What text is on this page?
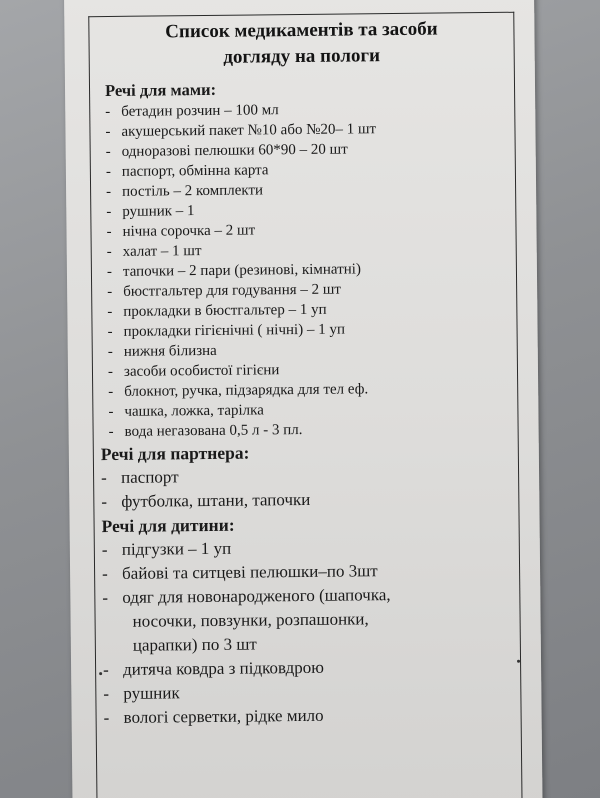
Список медикаментів та засоби
догляду на пологи
Речі для мами:
- бетадин розчин – 100 мл
- акушерський пакет №10 або №20– 1 шт
- одноразові пелюшки 60*90 – 20 шт
- паспорт, обмінна карта
- постіль – 2 комплекти
- рушник – 1
- нічна сорочка – 2 шт
- халат – 1 шт
- тапочки – 2 пари (резинові, кімнатні)
- бюстгальтер для годування – 2 шт
- прокладки в бюстгальтер – 1 уп
- прокладки гігієнічні ( нічні) – 1 уп
- нижня білизна
- засоби особистої гігієни
- блокнот, ручка, підзарядка для тел еф.
- чашка, ложка, тарілка
- вода негазована 0,5 л - 3 пл.
Речі для партнера:
- паспорт
- футболка, штани, тапочки
Речі для дитини:
- підгузки – 1 уп
- байові та ситцеві пелюшки–по 3шт
- одяг для новонародженого (шапочка,
носочки, повзунки, розпашонки,
царапки) по 3 шт
- дитяча ковдра з підковдрою
- рушник
- вологі серветки, рідке мило
